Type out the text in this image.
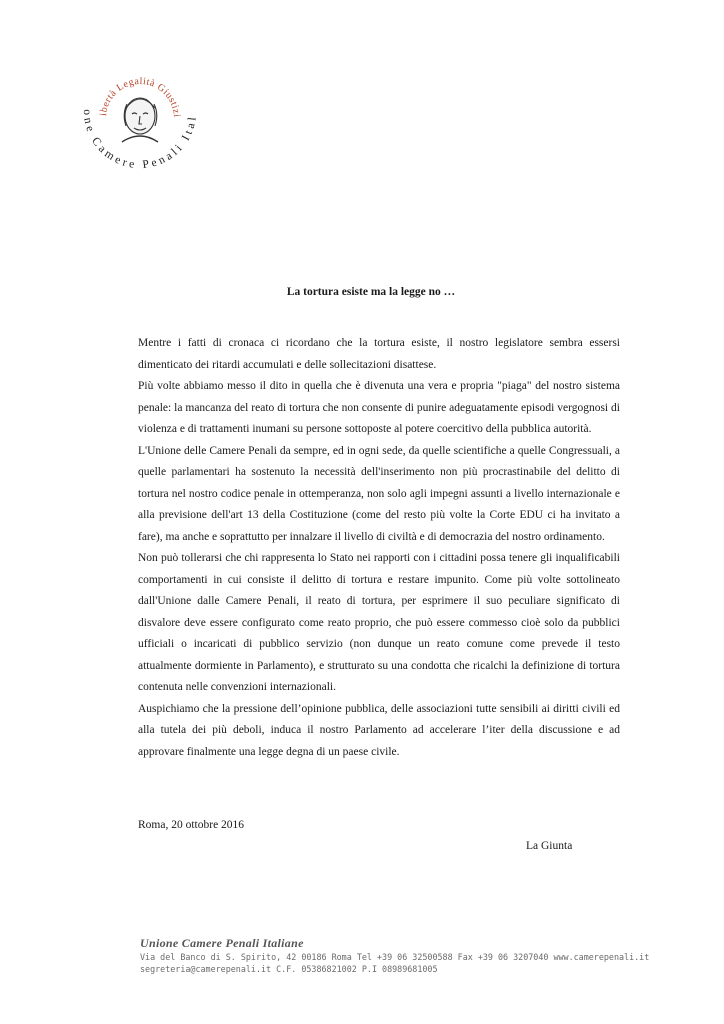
ibertà Legalità Giustizi
one Camere Penali Ital
La tortura esiste ma la legge no …

Mentre i fatti di cronaca ci ricordano che la tortura esiste, il nostro legislatore sembra essersi dimenticato dei ritardi accumulati e delle sollecitazioni disattese.

Più volte abbiamo messo il dito in quella che è divenuta una vera e propria "piaga" del nostro sistema penale: la mancanza del reato di tortura che non consente di punire adeguatamente episodi vergognosi di violenza e di trattamenti inumani su persone sottoposte al potere coercitivo della pubblica autorità.

L'Unione delle Camere Penali da sempre, ed in ogni sede, da quelle scientifiche a quelle Congressuali, a quelle parlamentari ha sostenuto la necessità dell'inserimento non più procrastinabile del delitto di tortura nel nostro codice penale in ottemperanza, non solo agli impegni assunti a livello internazionale e alla previsione dell'art 13 della Costituzione (come del resto più volte la Corte EDU ci ha invitato a fare), ma anche e soprattutto per innalzare il livello di civiltà e di democrazia del nostro ordinamento.

Non può tollerarsi che chi rappresenta lo Stato nei rapporti con i cittadini possa tenere gli inqualificabili comportamenti in cui consiste il delitto di tortura e restare impunito. Come più volte sottolineato dall'Unione dalle Camere Penali, il reato di tortura, per esprimere il suo peculiare significato di disvalore deve essere configurato come reato proprio, che può essere commesso cioè solo da pubblici ufficiali o incaricati di pubblico servizio (non dunque un reato comune come prevede il testo attualmente dormiente in Parlamento), e strutturato su una condotta che ricalchi la definizione di tortura contenuta nelle convenzioni internazionali.

Auspichiamo che la pressione dell’opinione pubblica, delle associazioni tutte sensibili ai diritti civili ed alla tutela dei più deboli, induca il nostro Parlamento ad accelerare l’iter della discussione e ad approvare finalmente una legge degna di un paese civile.

Roma, 20 ottobre 2016
La Giunta
Unione Camere Penali Italiane
Via del Banco di S. Spirito, 42 00186 Roma Tel +39 06 32500588 Fax +39 06 3207040 www.camerepenali.it
segreteria@camerepenali.it C.F. 05386821002 P.I 08989681005
